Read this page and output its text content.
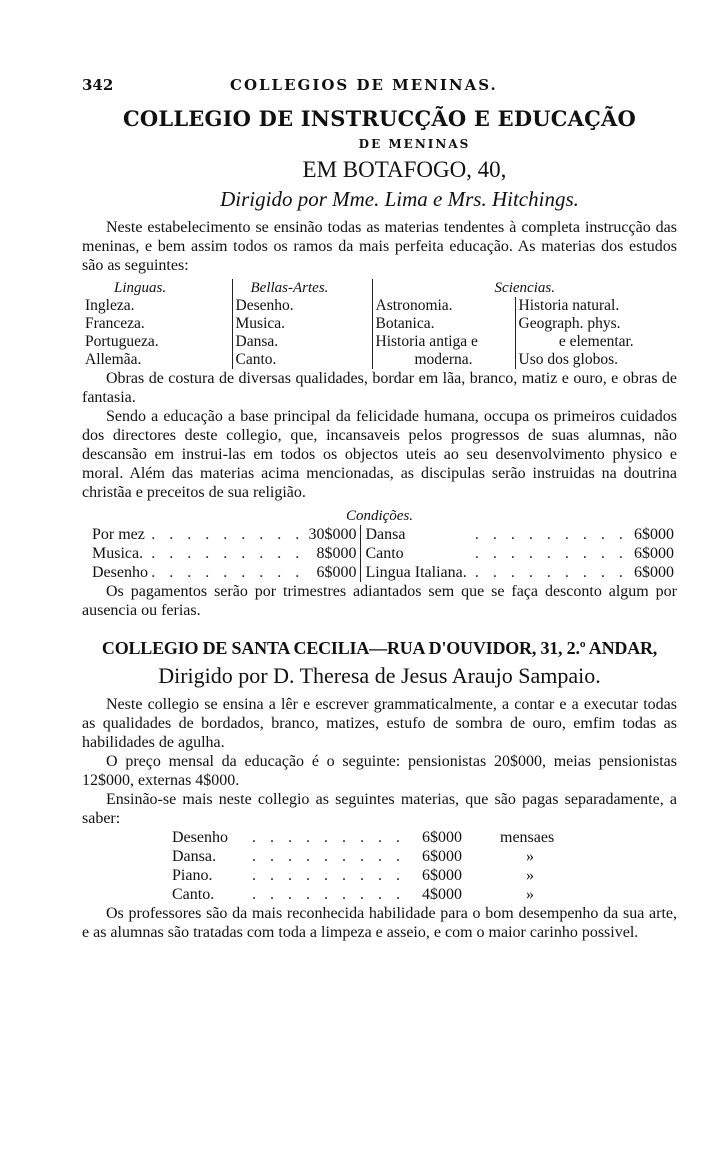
342	COLLEGIOS DE MENINAS.
COLLEGIO DE INSTRUCÇÃO E EDUCAÇÃO
DE MENINAS
EM BOTAFOGO, 40,
Dirigido por Mme. Lima e Mrs. Hitchings.

Neste estabelecimento se ensinão todas as materias tendentes à completa instrucção das meninas, e bem assim todos os ramos da mais perfeita educação. As materias dos estudos são as seguintes:

Linguas.	Bellas-Artes.	Sciencias.	
Ingleza.	Desenho.	Astronomia.	Historia natural.
Franceza.	Musica.	Botanica.	Geograph. phys.
Portugueza.	Dansa.	Historia antiga e	e elementar.
Allemãa.	Canto.	moderna.	Uso dos globos.

Obras de costura de diversas qualidades, bordar em lãa, branco, matiz e ouro, e obras de fantasia.

Sendo a educação a base principal da felicidade humana, occupa os primeiros cuidados dos directores deste collegio, que, incansaveis pelos progressos de suas alumnas, não descansão em instrui-las em todos os objectos uteis ao seu desenvolvimento physico e moral. Além das materias acima mencionadas, as discipulas serão instruidas na doutrina christãa e preceitos de sua religião.

Condições.
Por mez	. . . . . . . . .	30$000	Dansa	. . . . . . . . .	6$000
Musica.	. . . . . . . . .	8$000	Canto	. . . . . . . . .	6$000
Desenho	. . . . . . . . .	6$000	Lingua Italiana.	. . . . . . . . .	6$000

Os pagamentos serão por trimestres adiantados sem que se faça desconto algum por ausencia ou ferias.

COLLEGIO DE SANTA CECILIA—RUA D'OUVIDOR, 31, 2.º ANDAR,
Dirigido por D. Theresa de Jesus Araujo Sampaio.

Neste collegio se ensina a lêr e escrever grammaticalmente, a contar e a executar todas as qualidades de bordados, branco, matizes, estufo de sombra de ouro, emfim todas as habilidades de agulha.

O preço mensal da educação é o seguinte: pensionistas 20$000, meias pensionistas 12$000, externas 4$000.

Ensinão-se mais neste collegio as seguintes materias, que são pagas separadamente, a saber:

Desenho	. . . . . . . . .	6$000	mensaes
Dansa.	. . . . . . . . .	6$000	»
Piano.	. . . . . . . . .	6$000	»
Canto.	. . . . . . . . .	4$000	»

Os professores são da mais reconhecida habilidade para o bom desempenho da sua arte, e as alumnas são tratadas com toda a limpeza e asseio, e com o maior carinho possivel.
